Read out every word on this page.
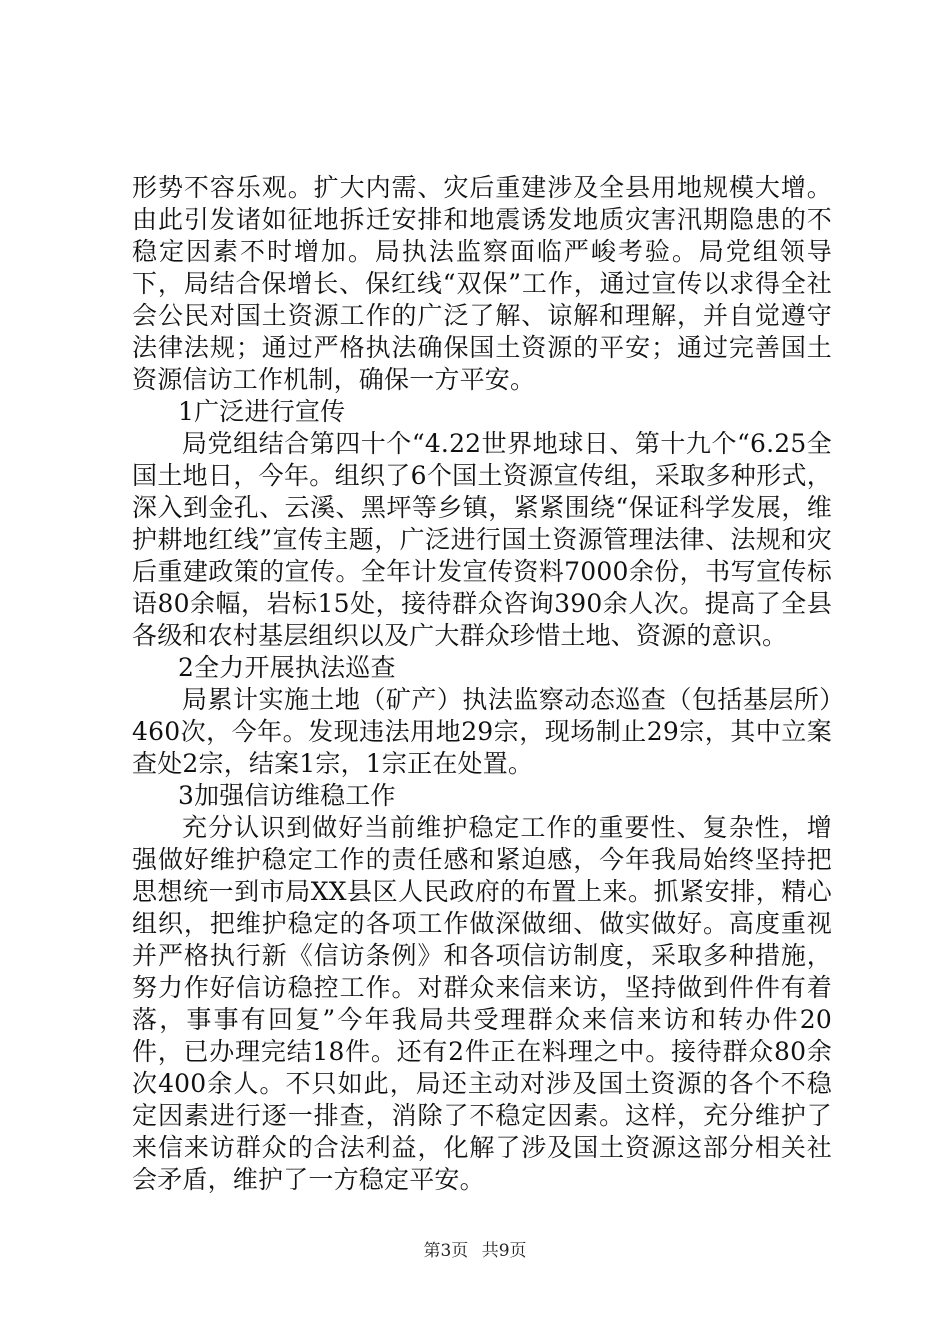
形势不容乐观。扩大内需、灾后重建涉及全县用地规模大增。由此引发诸如征地拆迁安排和地震诱发地质灾害汛期隐患的不稳定因素不时增加。局执法监察面临严峻考验。局党组领导下，局结合保增长、保红线“双保”工作，通过宣传以求得全社会公民对国土资源工作的广泛了解、谅解和理解，并自觉遵守法律法规；通过严格执法确保国土资源的平安；通过完善国土资源信访工作机制，确保一方平安。

1广泛进行宣传

局党组结合第四十个“4.22世界地球日、第十九个“6.25全国土地日，今年。组织了6个国土资源宣传组，采取多种形式，深入到金孔、云溪、黑坪等乡镇，紧紧围绕“保证科学发展，维护耕地红线”宣传主题，广泛进行国土资源管理法律、法规和灾后重建政策的宣传。全年计发宣传资料7000余份，书写宣传标语80余幅，岩标15处，接待群众咨询390余人次。提高了全县各级和农村基层组织以及广大群众珍惜土地、资源的意识。

2全力开展执法巡查

局累计实施土地（矿产）执法监察动态巡查（包括基层所）460次，今年。发现违法用地29宗，现场制止29宗，其中立案查处2宗，结案1宗，1宗正在处置。

3加强信访维稳工作

充分认识到做好当前维护稳定工作的重要性、复杂性，增强做好维护稳定工作的责任感和紧迫感，今年我局始终坚持把思想统一到市局XX县区人民政府的布置上来。抓紧安排，精心组织，把维护稳定的各项工作做深做细、做实做好。高度重视并严格执行新《信访条例》和各项信访制度，采取多种措施，努力作好信访稳控工作。对群众来信来访，坚持做到件件有着落，事事有回复”今年我局共受理群众来信来访和转办件20件，已办理完结18件。还有2件正在料理之中。接待群众80余次400余人。不只如此，局还主动对涉及国土资源的各个不稳定因素进行逐一排查，消除了不稳定因素。这样，充分维护了来信来访群众的合法利益，化解了涉及国土资源这部分相关社会矛盾，维护了一方稳定平安。

第3页 共9页
